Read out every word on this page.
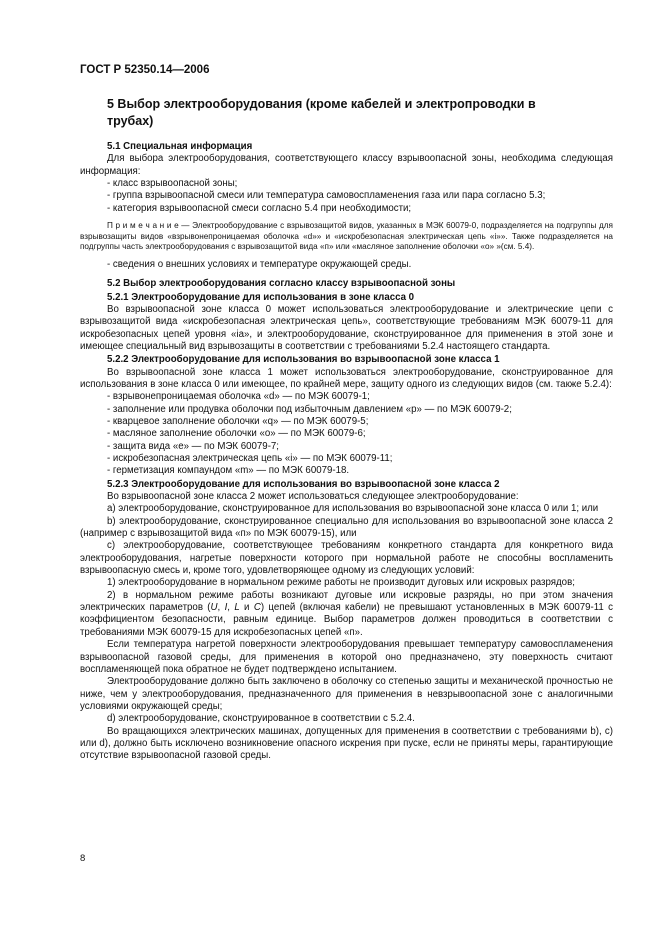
ГОСТ Р 52350.14—2006

5 Выбор электрооборудования (кроме кабелей и электропроводки в трубах)

5.1 Специальная информация

Для выбора электрооборудования, соответствующего классу взрывоопасной зоны, необходима следующая информация:

- класс взрывоопасной зоны;

- группа взрывоопасной смеси или температура самовоспламенения газа или пара согласно 5.3;

- категория взрывоопасной смеси согласно 5.4 при необходимости;

П р и м е ч а н и е — Электрооборудование с взрывозащитой видов, указанных в МЭК 60079-0, подразделяется на подгруппы для взрывозащиты видов «взрывонепроницаемая оболочка «d»» и «искробезопасная электрическая цепь «i»». Также подразделяется на подгруппы часть электрооборудования с взрывозащитой вида «п» или «масляное заполнение оболочки «о» »(см. 5.4).

- сведения о внешних условиях и температуре окружающей среды.

5.2 Выбор электрооборудования согласно классу взрывоопасной зоны

5.2.1 Электрооборудование для использования в зоне класса 0

Во взрывоопасной зоне класса 0 может использоваться электрооборудование и электрические цепи с взрывозащитой вида «искробезопасная электрическая цепь», соответствующие требованиям МЭК 60079-11 для искробезопасных цепей уровня «ia», и электрооборудование, сконструированное для применения в этой зоне и имеющее специальный вид взрывозащиты в соответствии с требованиями 5.2.4 настоящего стандарта.

5.2.2 Электрооборудование для использования во взрывоопасной зоне класса 1

Во взрывоопасной зоне класса 1 может использоваться электрооборудование, сконструированное для использования в зоне класса 0 или имеющее, по крайней мере, защиту одного из следующих видов (см. также 5.2.4):

- взрывонепроницаемая оболочка «d» — по МЭК 60079-1;

- заполнение или продувка оболочки под избыточным давлением «р» — по МЭК 60079-2;

- кварцевое заполнение оболочки «q» — по МЭК 60079-5;

- масляное заполнение оболочки «о» — по МЭК 60079-6;

- защита вида «е» — по МЭК 60079-7;

- искробезопасная электрическая цепь «i» — по МЭК 60079-11;

- герметизация компаундом «m» — по МЭК 60079-18.

5.2.3 Электрооборудование для использования во взрывоопасной зоне класса 2

Во взрывоопасной зоне класса 2 может использоваться следующее электрооборудование:

а) электрооборудование, сконструированное для использования во взрывоопасной зоне класса 0 или 1; или

b) электрооборудование, сконструированное специально для использования во взрывоопасной зоне класса 2 (например с взрывозащитой вида «п» по МЭК 60079-15), или

с) электрооборудование, соответствующее требованиям конкретного стандарта для конкретного вида электрооборудования, нагретые поверхности которого при нормальной работе не способны воспламенить взрывоопасную смесь и, кроме того, удовлетворяющее одному из следующих условий:

1) электрооборудование в нормальном режиме работы не производит дуговых или искровых разрядов;

2) в нормальном режиме работы возникают дуговые или искровые разряды, но при этом значения электрических параметров (U, I, L и C) цепей (включая кабели) не превышают установленных в МЭК 60079-11 с коэффициентом безопасности, равным единице. Выбор параметров должен проводиться в соответствии с требованиями МЭК 60079-15 для искробезопасных цепей «п».

Если температура нагретой поверхности электрооборудования превышает температуру самовоспламенения взрывоопасной газовой среды, для применения в которой оно предназначено, эту поверхность считают воспламеняющей пока обратное не будет подтверждено испытанием.

Электрооборудование должно быть заключено в оболочку со степенью защиты и механической прочностью не ниже, чем у электрооборудования, предназначенного для применения в невзрывоопасной зоне с аналогичными условиями окружающей среды;

d) электрооборудование, сконструированное в соответствии с 5.2.4.

Во вращающихся электрических машинах, допущенных для применения в соответствии с требованиями b), с) или d), должно быть исключено возникновение опасного искрения при пуске, если не приняты меры, гарантирующие отсутствие взрывоопасной газовой среды.

8
